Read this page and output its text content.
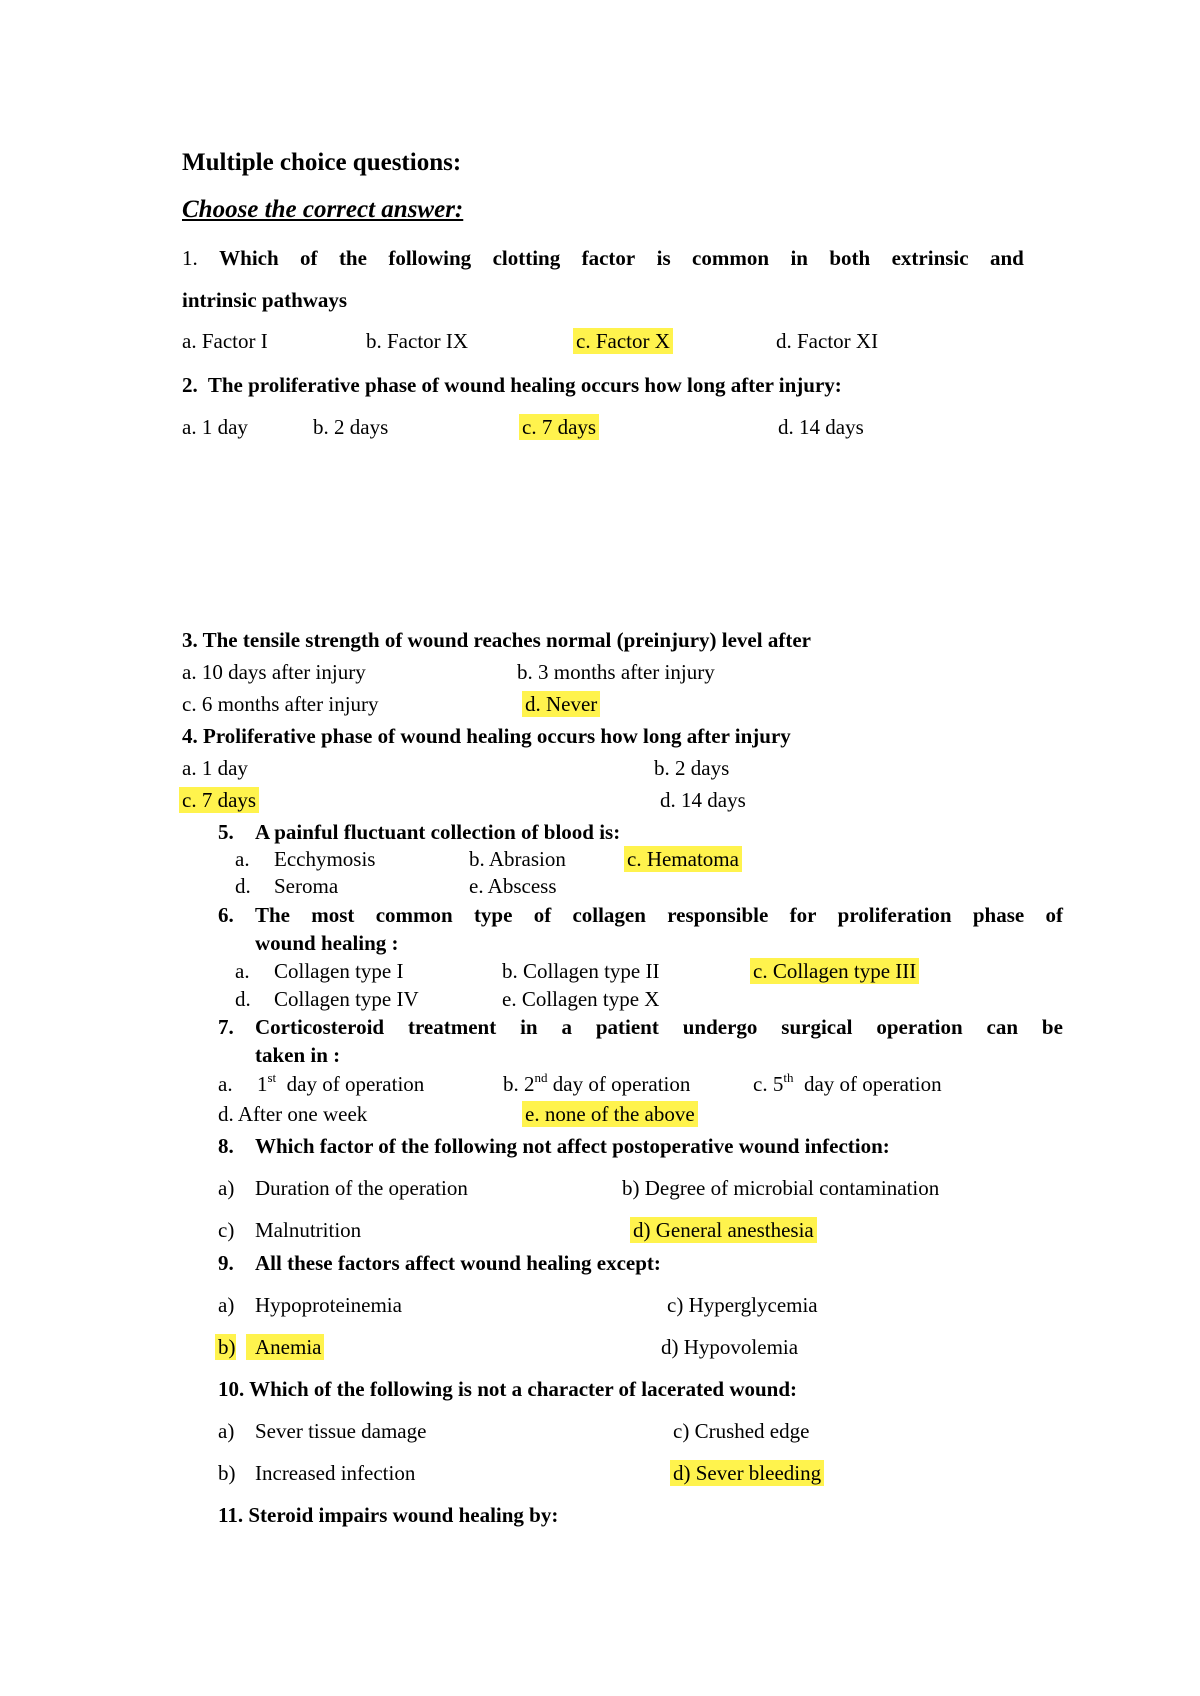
Multiple choice questions:
Choose the correct answer:
1. Which of the following clotting factor is common in both extrinsic and
intrinsic pathways
a. Factor I	b. Factor IX	c. Factor X	d. Factor XI
2. The proliferative phase of wound healing occurs how long after injury:
a. 1 day	b. 2 days	c. 7 days	d. 14 days
3. The tensile strength of wound reaches normal (preinjury) level after
a. 10 days after injury	b. 3 months after injury
c. 6 months after injury	d. Never
4. Proliferative phase of wound healing occurs how long after injury
a. 1 day	b. 2 days
c. 7 days	d. 14 days
5. A painful fluctuant collection of blood is:
a. Ecchymosis	b. Abrasion	c. Hematoma
d. Seroma	e. Abscess
6. The most common type of collagen responsible for proliferation phase of
wound healing :
a. Collagen type I	b. Collagen type II	c. Collagen type III
d. Collagen type IV	e. Collagen type X
7. Corticosteroid treatment in a patient undergo surgical operation can be
taken in :
a. 1st day of operation	b. 2nd day of operation	c. 5th day of operation
d. After one week	e. none of the above
8. Which factor of the following not affect postoperative wound infection:
a) Duration of the operation	b) Degree of microbial contamination
c) Malnutrition	d) General anesthesia
9. All these factors affect wound healing except:
a) Hypoproteinemia	c) Hyperglycemia
b) Anemia	d) Hypovolemia
10. Which of the following is not a character of lacerated wound:
a) Sever tissue damage	c) Crushed edge
b) Increased infection	d) Sever bleeding
11. Steroid impairs wound healing by:
